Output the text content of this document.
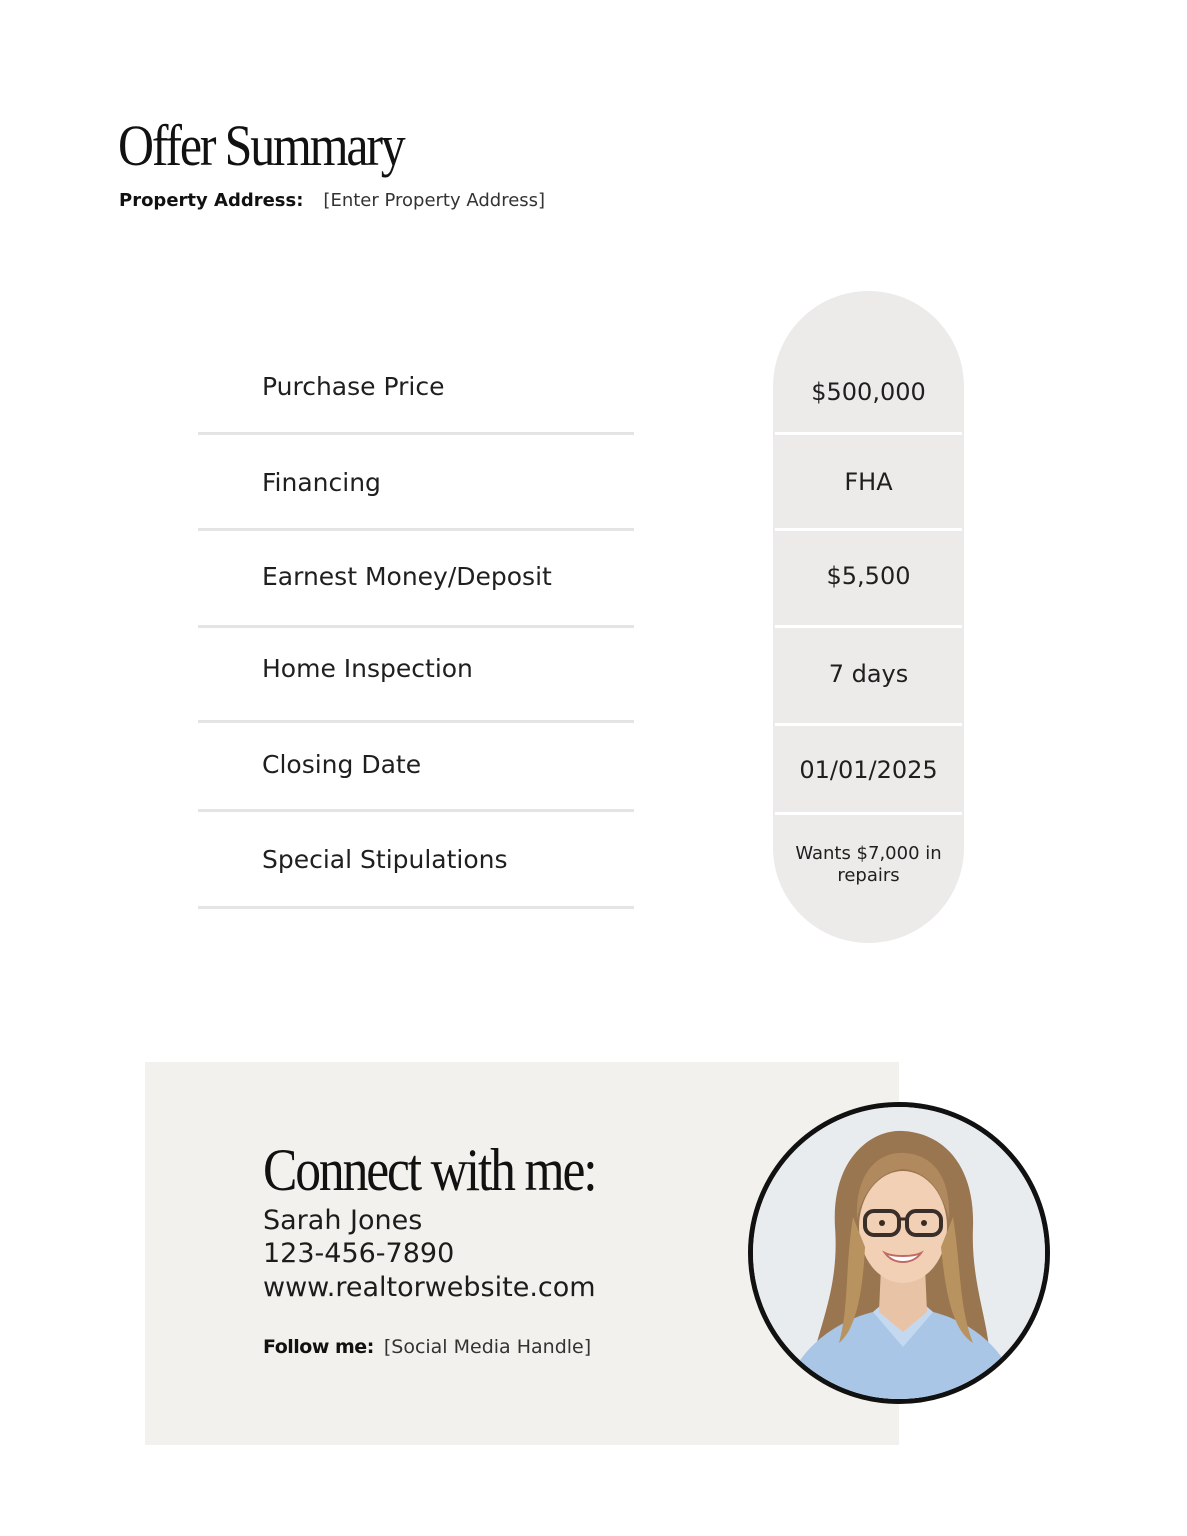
Offer Summary
Property Address: [Enter Property Address]
Purchase Price	$500,000
Financing	FHA
Earnest Money/Deposit	$5,500
Home Inspection	7 days
Closing Date	01/01/2025
Special Stipulations	Wants $7,000 in repairs
Connect with me:
Sarah Jones
123-456-7890
www.realtorwebsite.com
Follow me: [Social Media Handle]
